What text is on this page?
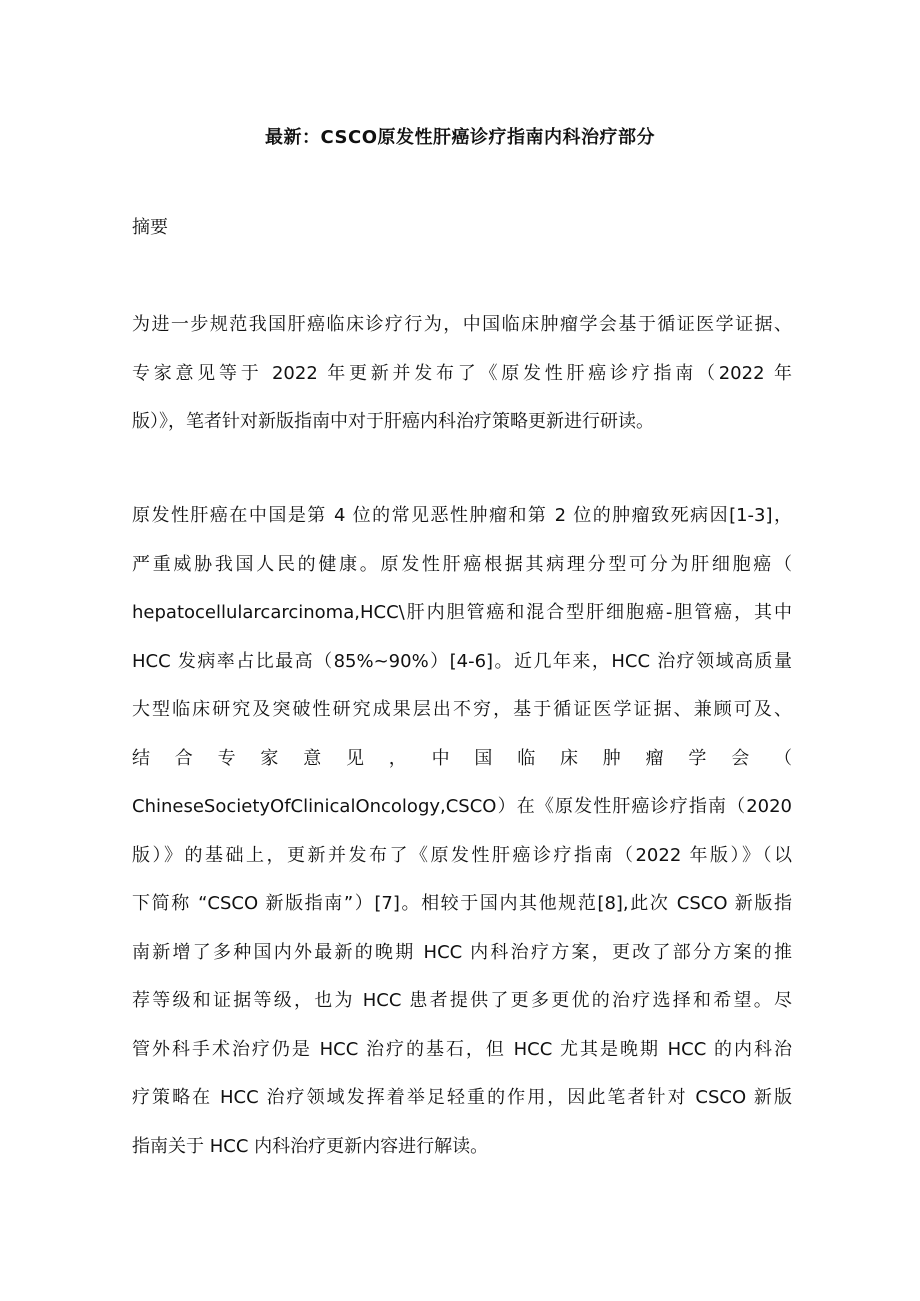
最新：CSCO原发性肝癌诊疗指南内科治疗部分
摘要
为进一步规范我国肝癌临床诊疗行为，中国临床肿瘤学会基于循证医学证据、
专家意见等于 2022 年更新并发布了《原发性肝癌诊疗指南（2022 年
版）》，笔者针对新版指南中对于肝癌内科治疗策略更新进行研读。
原发性肝癌在中国是第 4 位的常见恶性肿瘤和第 2 位的肿瘤致死病因[1-3]，
严重威胁我国人民的健康。原发性肝癌根据其病理分型可分为肝细胞癌（
hepatocellularcarcinoma,HCC\肝内胆管癌和混合型肝细胞癌-胆管癌，其中
HCC 发病率占比最高（85%~90%）[4-6]。近几年来，HCC 治疗领域高质量
大型临床研究及突破性研究成果层出不穷，基于循证医学证据、兼顾可及、
结 合 专 家 意 见 ， 中 国 临 床 肿 瘤 学 会 （
ChineseSocietyOfClinicalOncology,CSCO）在《原发性肝癌诊疗指南（2020
版）》的基础上，更新并发布了《原发性肝癌诊疗指南（2022 年版）》（以
下简称 “CSCO 新版指南”）[7]。相较于国内其他规范[8],此次 CSCO 新版指
南新增了多种国内外最新的晚期 HCC 内科治疗方案，更改了部分方案的推
荐等级和证据等级，也为 HCC 患者提供了更多更优的治疗选择和希望。尽
管外科手术治疗仍是 HCC 治疗的基石，但 HCC 尤其是晚期 HCC 的内科治
疗策略在 HCC 治疗领域发挥着举足轻重的作用，因此笔者针对 CSCO 新版
指南关于 HCC 内科治疗更新内容进行解读。
